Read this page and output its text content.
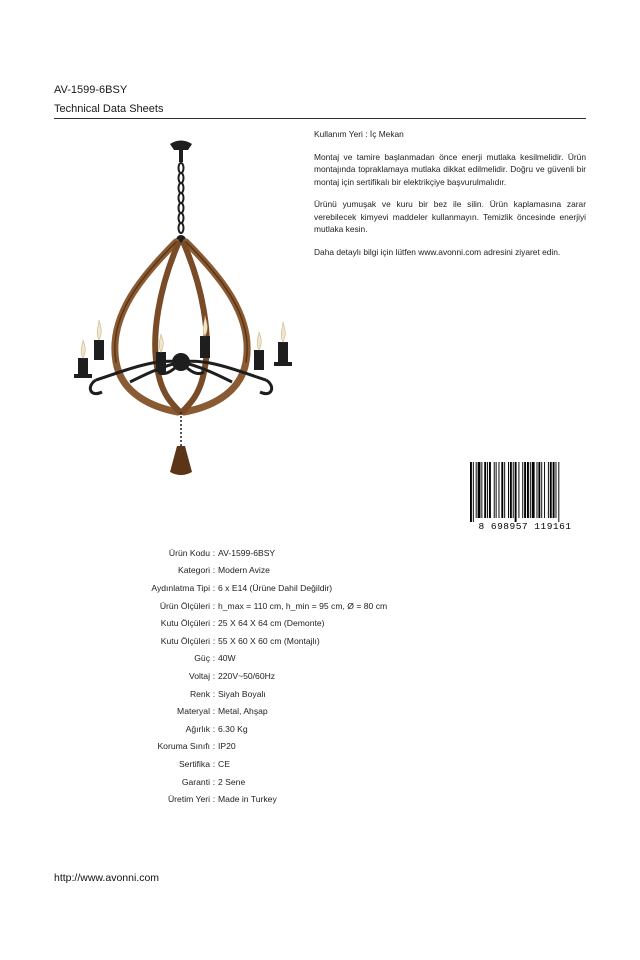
AV-1599-6BSY
Technical Data Sheets

Kullanım Yeri : İç Mekan

Montaj ve tamire başlanmadan önce enerji mutlaka kesilmelidir. Ürün montajında topraklamaya mutlaka dikkat edilmelidir. Doğru ve güvenli bir montaj için sertifikalı bir elektrikçiye başvurulmalıdır.

Ürünü yumuşak ve kuru bir bez ile silin. Ürün kaplamasına zarar verebilecek kimyevi maddeler kullanmayın. Temizlik öncesinde enerjiyi mutlaka kesin.

Daha detaylı bilgi için lütfen www.avonni.com adresini ziyaret edin.

8 698957 119161
Ürün Kodu : AV-1599-6BSY
Kategori : Modern Avize
Aydınlatma Tipi : 6 x E14 (Ürüne Dahil Değildir)
Ürün Ölçüleri : h_max = 110 cm, h_min = 95 cm, Ø = 80 cm
Kutu Ölçüleri : 25 X 64 X 64 cm (Demonte)
Kutu Ölçüleri : 55 X 60 X 60 cm (Montajlı)
Güç : 40W
Voltaj : 220V~50/60Hz
Renk : Siyah Boyalı
Materyal : Metal, Ahşap
Ağırlık : 6.30 Kg
Koruma Sınıfı : IP20
Sertifika : CE
Garanti : 2 Sene
Üretim Yeri : Made in Turkey
http://www.avonni.com
